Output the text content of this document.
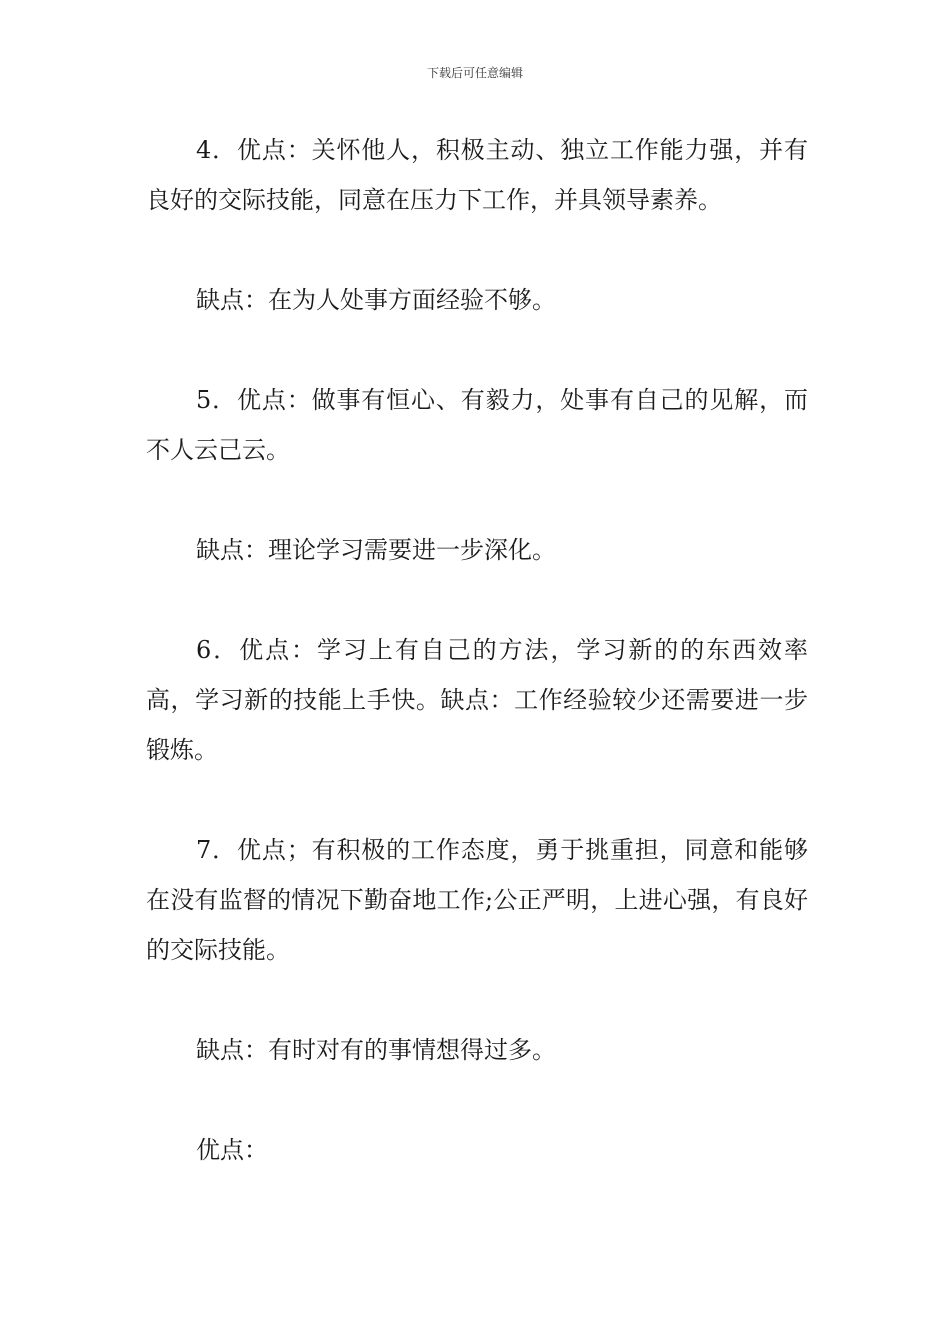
下载后可任意编辑

4．优点：关怀他人，积极主动、独立工作能力强，并有良好的交际技能，同意在压力下工作，并具领导素养。

缺点：在为人处事方面经验不够。

5．优点：做事有恒心、有毅力，处事有自己的见解，而不人云己云。

缺点：理论学习需要进一步深化。

6．优点：学习上有自己的方法，学习新的的东西效率高，学习新的技能上手快。缺点：工作经验较少还需要进一步锻炼。

7．优点；有积极的工作态度，勇于挑重担，同意和能够在没有监督的情况下勤奋地工作;公正严明，上进心强，有良好的交际技能。

缺点：有时对有的事情想得过多。

优点：
